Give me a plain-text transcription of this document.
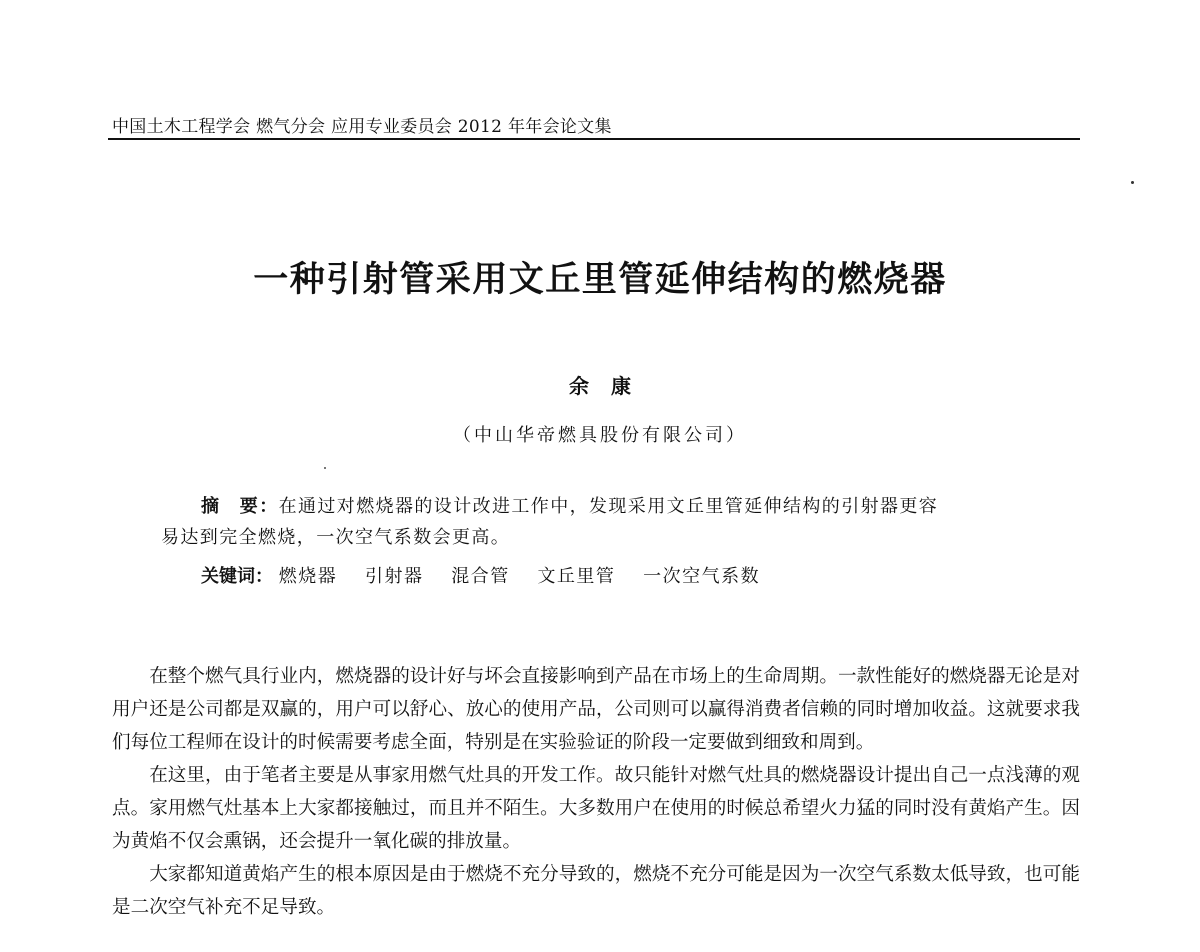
中国土木工程学会 燃气分会 应用专业委员会 2012 年年会论文集
一种引射管采用文丘里管延伸结构的燃烧器
余康
（中山华帝燃具股份有限公司）
摘　要：在通过对燃烧器的设计改进工作中，发现采用文丘里管延伸结构的引射器更容
易达到完全燃烧，一次空气系数会更高。
关键词： 燃烧器 引射器 混合管 文丘里管 一次空气系数

在整个燃气具行业内，燃烧器的设计好与坏会直接影响到产品在市场上的生命周期。一款性能好的燃烧器无论是对用户还是公司都是双赢的，用户可以舒心、放心的使用产品，公司则可以赢得消费者信赖的同时增加收益。这就要求我们每位工程师在设计的时候需要考虑全面，特别是在实验验证的阶段一定要做到细致和周到。

在这里，由于笔者主要是从事家用燃气灶具的开发工作。故只能针对燃气灶具的燃烧器设计提出自己一点浅薄的观点。家用燃气灶基本上大家都接触过，而且并不陌生。大多数用户在使用的时候总希望火力猛的同时没有黄焰产生。因为黄焰不仅会熏锅，还会提升一氧化碳的排放量。

大家都知道黄焰产生的根本原因是由于燃烧不充分导致的，燃烧不充分可能是因为一次空气系数太低导致，也可能是二次空气补充不足导致。
